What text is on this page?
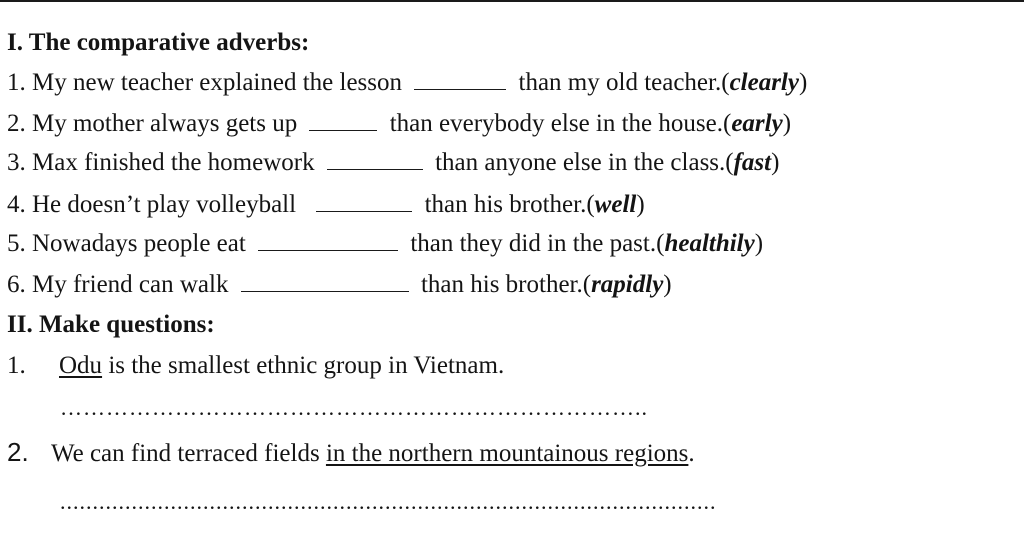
I. The comparative adverbs:
1. My new teacher explained the lesson	than my old teacher.(clearly)
2. My mother always gets up	than everybody else in the house.(early)
3. Max finished the homework	than anyone else in the class.(fast)
4. He doesn’t play volleyball	than his brother.(well)
5. Nowadays people eat	than they did in the past.(healthily)
6. My friend can walk	than his brother.(rapidly)
II. Make questions:
1. Odu is the smallest ethnic group in Vietnam.
…………………………………………………………………..
2. We can find terraced fields in the northern mountainous regions.
.....................................................................................................
